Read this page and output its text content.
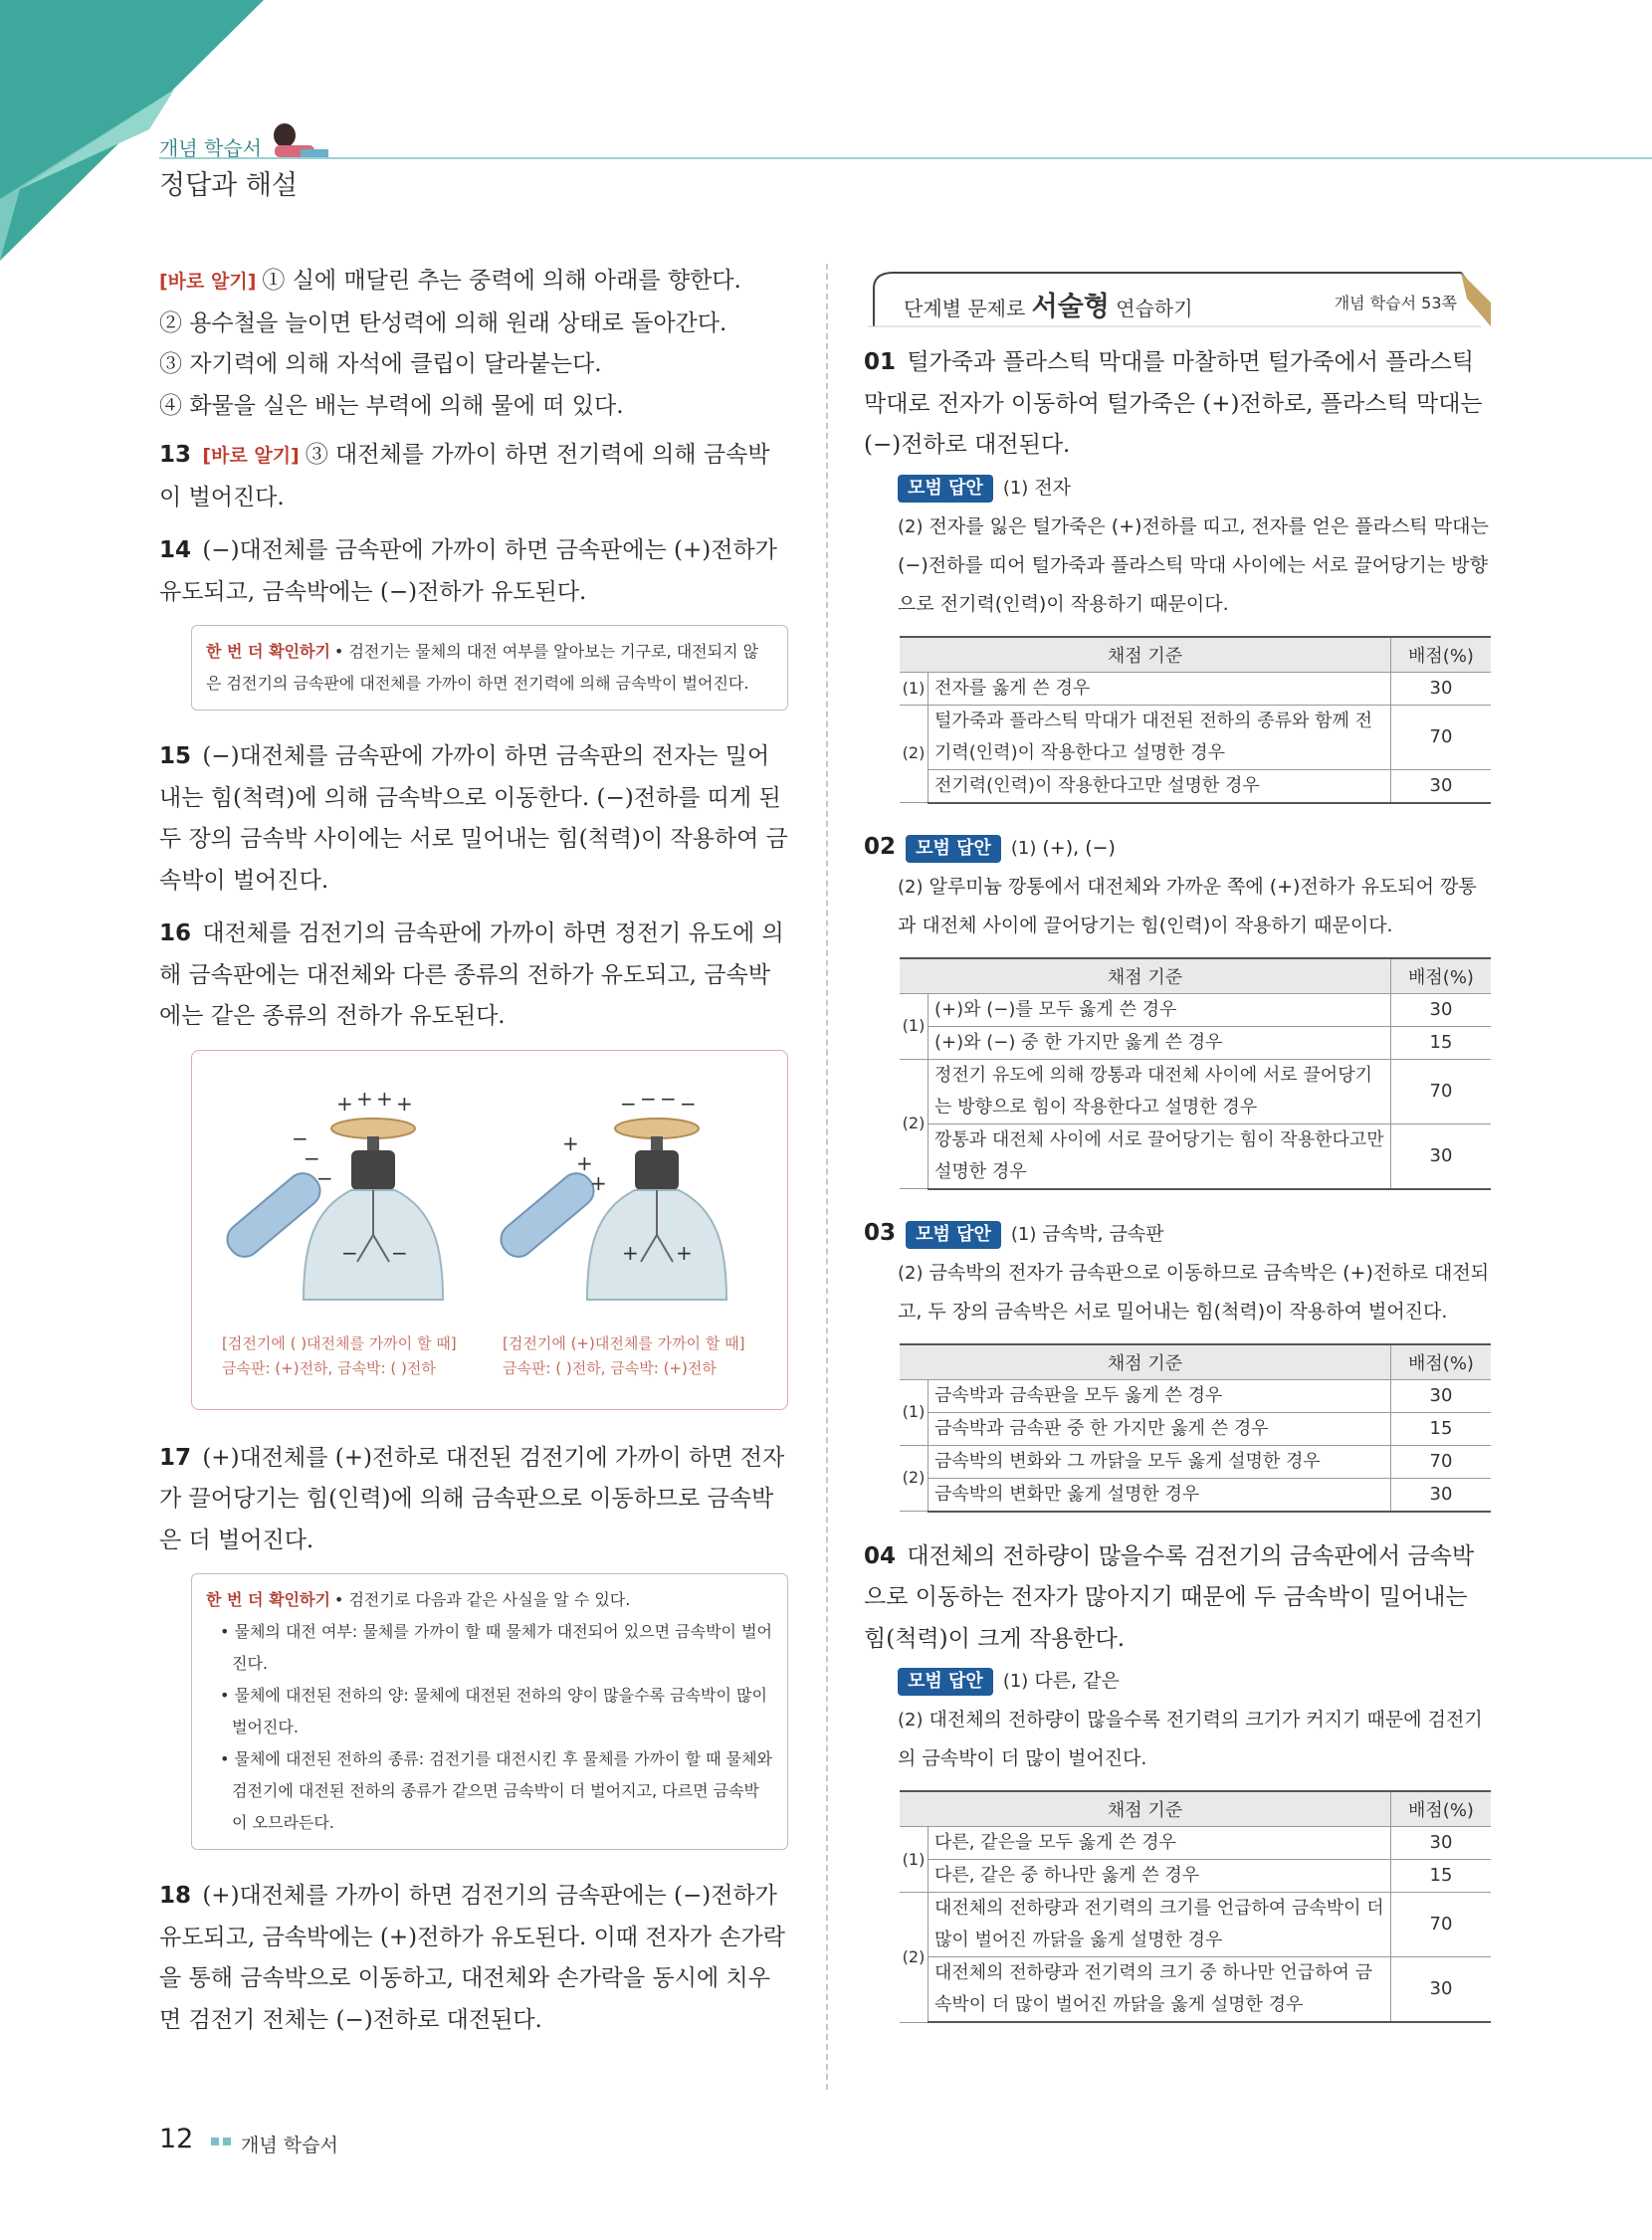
개념 학습서
정답과 해설
[바로 알기] ① 실에 매달린 추는 중력에 의해 아래를 향한다.
② 용수철을 늘이면 탄성력에 의해 원래 상태로 돌아간다.
③ 자기력에 의해 자석에 클립이 달라붙는다.
④ 화물을 실은 배는 부력에 의해 물에 떠 있다.
13 [바로 알기] ③ 대전체를 가까이 하면 전기력에 의해 금속박이 벌어진다.
14 (−)대전체를 금속판에 가까이 하면 금속판에는 (+)전하가 유도되고, 금속박에는 (−)전하가 유도된다.
한 번 더 확인하기 • 검전기는 물체의 대전 여부를 알아보는 기구로, 대전되지 않은 검전기의 금속판에 대전체를 가까이 하면 전기력에 의해 금속박이 벌어진다.
15 (−)대전체를 금속판에 가까이 하면 금속판의 전자는 밀어내는 힘(척력)에 의해 금속박으로 이동한다. (−)전하를 띠게 된 두 장의 금속박 사이에는 서로 밀어내는 힘(척력)이 작용하여 금속박이 벌어진다.
16 대전체를 검전기의 금속판에 가까이 하면 정전기 유도에 의해 금속판에는 대전체와 다른 종류의 전하가 유도되고, 금속박에는 같은 종류의 전하가 유도된다.
+ + + +
−
−
−
− −
− − − −
+
+
+
+ +
[검전기에 ( )대전체를 가까이 할 때]
금속판: (+)전하, 금속박: ( )전하
[검전기에 (+)대전체를 가까이 할 때]
금속판: ( )전하, 금속박: (+)전하
17 (+)대전체를 (+)전하로 대전된 검전기에 가까이 하면 전자가 끌어당기는 힘(인력)에 의해 금속판으로 이동하므로 금속박은 더 벌어진다.
한 번 더 확인하기 • 검전기로 다음과 같은 사실을 알 수 있다.
• 물체의 대전 여부: 물체를 가까이 할 때 물체가 대전되어 있으면 금속박이 벌어진다.
• 물체에 대전된 전하의 양: 물체에 대전된 전하의 양이 많을수록 금속박이 많이 벌어진다.
• 물체에 대전된 전하의 종류: 검전기를 대전시킨 후 물체를 가까이 할 때 물체와 검전기에 대전된 전하의 종류가 같으면 금속박이 더 벌어지고, 다르면 금속박이 오므라든다.
18 (+)대전체를 가까이 하면 검전기의 금속판에는 (−)전하가 유도되고, 금속박에는 (+)전하가 유도된다. 이때 전자가 손가락을 통해 금속박으로 이동하고, 대전체와 손가락을 동시에 치우면 검전기 전체는 (−)전하로 대전된다.
단계별 문제로 서술형 연습하기	개념 학습서 53쪽
01 털가죽과 플라스틱 막대를 마찰하면 털가죽에서 플라스틱 막대로 전자가 이동하여 털가죽은 (+)전하로, 플라스틱 막대는 (−)전하로 대전된다.
모범 답안 (1) 전자
(2) 전자를 잃은 털가죽은 (+)전하를 띠고, 전자를 얻은 플라스틱 막대는 (−)전하를 띠어 털가죽과 플라스틱 막대 사이에는 서로 끌어당기는 방향으로 전기력(인력)이 작용하기 때문이다.
채점 기준		배점(%)
(1)	전자를 옳게 쓴 경우	30
(2)	털가죽과 플라스틱 막대가 대전된 전하의 종류와 함께 전기력(인력)이 작용한다고 설명한 경우	70
	전기력(인력)이 작용한다고만 설명한 경우	30
02 모범 답안 (1) (+), (−)
(2) 알루미늄 깡통에서 대전체와 가까운 쪽에 (+)전하가 유도되어 깡통과 대전체 사이에 끌어당기는 힘(인력)이 작용하기 때문이다.
채점 기준		배점(%)
(1)	(+)와 (−)를 모두 옳게 쓴 경우	30
	(+)와 (−) 중 한 가지만 옳게 쓴 경우	15
(2)	정전기 유도에 의해 깡통과 대전체 사이에 서로 끌어당기는 방향으로 힘이 작용한다고 설명한 경우	70
	깡통과 대전체 사이에 서로 끌어당기는 힘이 작용한다고만 설명한 경우	30
03 모범 답안 (1) 금속박, 금속판
(2) 금속박의 전자가 금속판으로 이동하므로 금속박은 (+)전하로 대전되고, 두 장의 금속박은 서로 밀어내는 힘(척력)이 작용하여 벌어진다.
채점 기준		배점(%)
(1)	금속박과 금속판을 모두 옳게 쓴 경우	30
	금속박과 금속판 중 한 가지만 옳게 쓴 경우	15
(2)	금속박의 변화와 그 까닭을 모두 옳게 설명한 경우	70
	금속박의 변화만 옳게 설명한 경우	30
04 대전체의 전하량이 많을수록 검전기의 금속판에서 금속박으로 이동하는 전자가 많아지기 때문에 두 금속박이 밀어내는 힘(척력)이 크게 작용한다.
모범 답안 (1) 다른, 같은
(2) 대전체의 전하량이 많을수록 전기력의 크기가 커지기 때문에 검전기의 금속박이 더 많이 벌어진다.
채점 기준		배점(%)
(1)	다른, 같은을 모두 옳게 쓴 경우	30
	다른, 같은 중 하나만 옳게 쓴 경우	15
(2)	대전체의 전하량과 전기력의 크기를 언급하여 금속박이 더 많이 벌어진 까닭을 옳게 설명한 경우	70
	대전체의 전하량과 전기력의 크기 중 하나만 언급하여 금속박이 더 많이 벌어진 까닭을 옳게 설명한 경우	30
12	개념 학습서
